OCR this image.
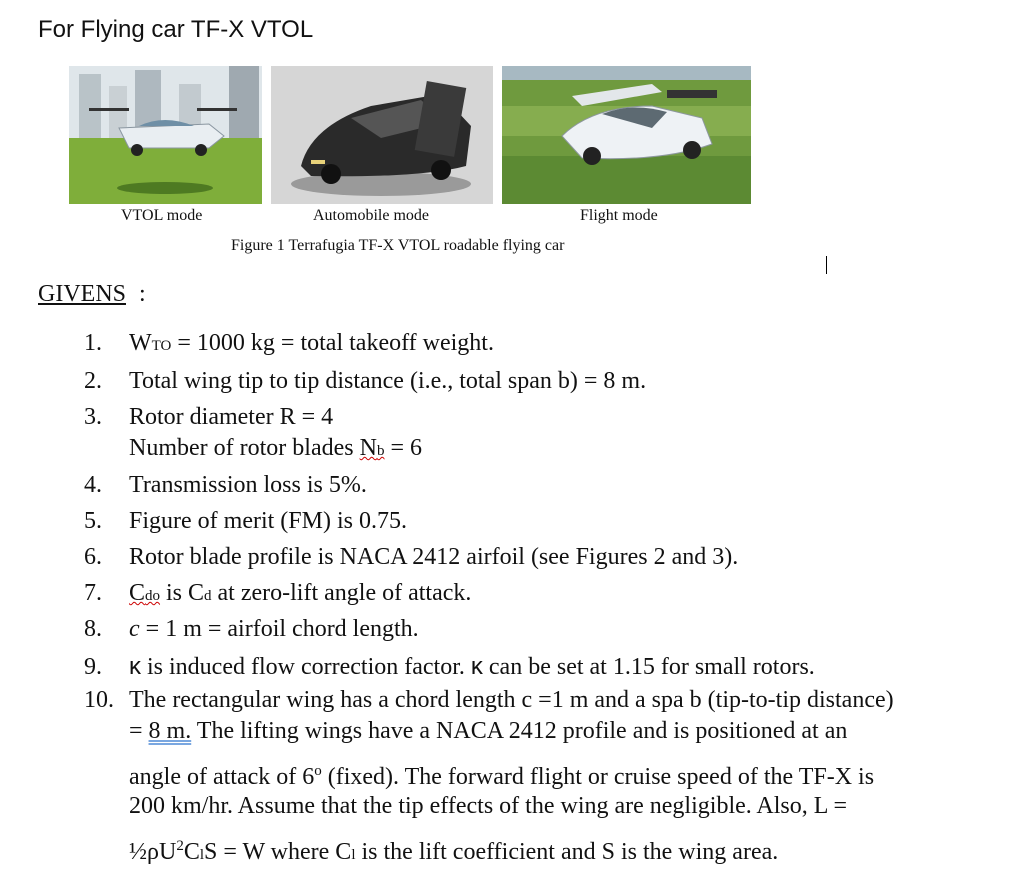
For Flying car TF-X VTOL
VTOL mode	Automobile mode	Flight mode
Figure 1 Terrafugia TF-X VTOL roadable flying car
GIVENS :
1. WTO = 1000 kg = total takeoff weight.
2. Total wing tip to tip distance (i.e., total span b) = 8 m.
3. Rotor diameter R = 4
Number of rotor blades Nb = 6
4. Transmission loss is 5%.
5. Figure of merit (FM) is 0.75.
6. Rotor blade profile is NACA 2412 airfoil (see Figures 2 and 3).
7. Cdo is Cd at zero-lift angle of attack.
8. c = 1 m = airfoil chord length.
9. κ is induced flow correction factor. κ can be set at 1.15 for small rotors.
10. The rectangular wing has a chord length c =1 m and a spa b (tip-to-tip distance)
= 8 m. The lifting wings have a NACA 2412 profile and is positioned at an
angle of attack of 6$^o$ (fixed). The forward flight or cruise speed of the TF-X is
200 km/hr. Assume that the tip effects of the wing are negligible. Also, L =
$\frac{1}{2}\rho U^2ClS = W$ where Cl is the lift coefficient and S is the wing area.
